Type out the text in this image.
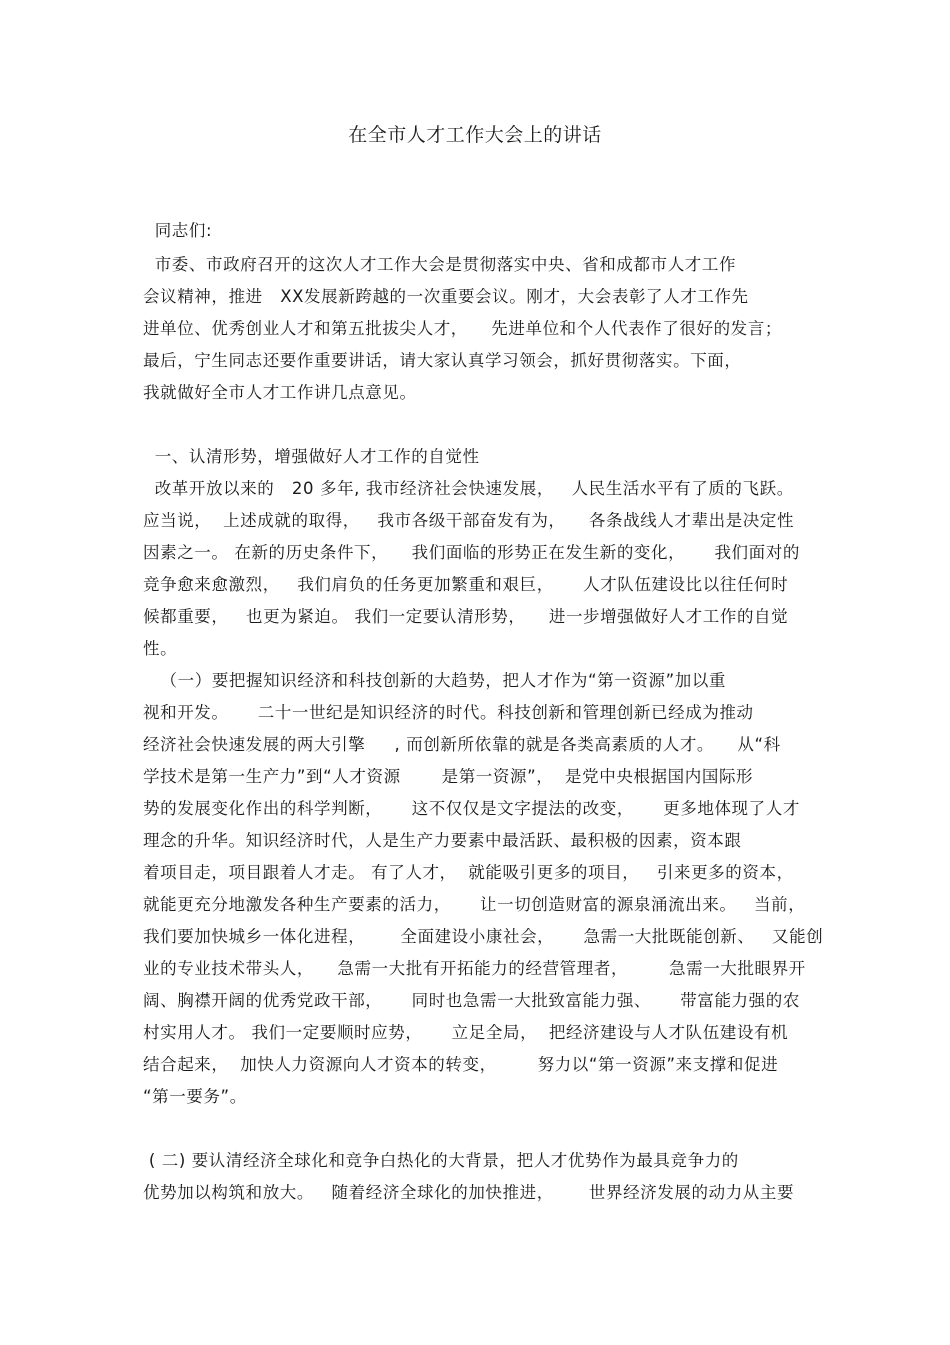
在全市人才工作大会上的讲话
同志们:
市委、市政府召开的这次人才工作大会是贯彻落实中央、省和成都市人才工作
会议精神，推进   XX发展新跨越的一次重要会议。刚才，大会表彰了人才工作先
进单位、优秀创业人才和第五批拔尖人才，    先进单位和个人代表作了很好的发言；
最后，宁生同志还要作重要讲话，请大家认真学习领会，抓好贯彻落实。下面，
我就做好全市人才工作讲几点意见。
一、认清形势，增强做好人才工作的自觉性
改革开放以来的   20 多年, 我市经济社会快速发展，   人民生活水平有了质的飞跃。
应当说，  上述成就的取得，   我市各级干部奋发有为，    各条战线人才辈出是决定性
因素之一。 在新的历史条件下，    我们面临的形势正在发生新的变化，     我们面对的
竞争愈来愈激烈，   我们肩负的任务更加繁重和艰巨，     人才队伍建设比以往任何时
候都重要，   也更为紧迫。 我们一定要认清形势，    进一步增强做好人才工作的自觉
性。
（一）要把握知识经济和科技创新的大趋势，把人才作为“第一资源”加以重
视和开发。     二十一世纪是知识经济的时代。科技创新和管理创新已经成为推动
经济社会快速发展的两大引擎     , 而创新所依靠的就是各类高素质的人才。    从“科
学技术是第一生产力”到“人才资源       是第一资源”，  是党中央根据国内国际形
势的发展变化作出的科学判断，     这不仅仅是文字提法的改变，     更多地体现了人才
理念的升华。知识经济时代，人是生产力要素中最活跃、最积极的因素，资本跟
着项目走，项目跟着人才走。 有了人才，  就能吸引更多的项目，   引来更多的资本，
就能更充分地激发各种生产要素的活力，     让一切创造财富的源泉涌流出来。   当前，
我们要加快城乡一体化进程，      全面建设小康社会，     急需一大批既能创新、   又能创
业的专业技术带头人，    急需一大批有开拓能力的经营管理者，       急需一大批眼界开
阔、胸襟开阔的优秀党政干部，     同时也急需一大批致富能力强、     带富能力强的农
村实用人才。 我们一定要顺时应势，     立足全局，  把经济建设与人才队伍建设有机
结合起来，  加快人力资源向人才资本的转变，       努力以“第一资源”来支撑和促进
“第一要务”。
( 二) 要认清经济全球化和竞争白热化的大背景，把人才优势作为最具竞争力的
优势加以构筑和放大。   随着经济全球化的加快推进，      世界经济发展的动力从主要
